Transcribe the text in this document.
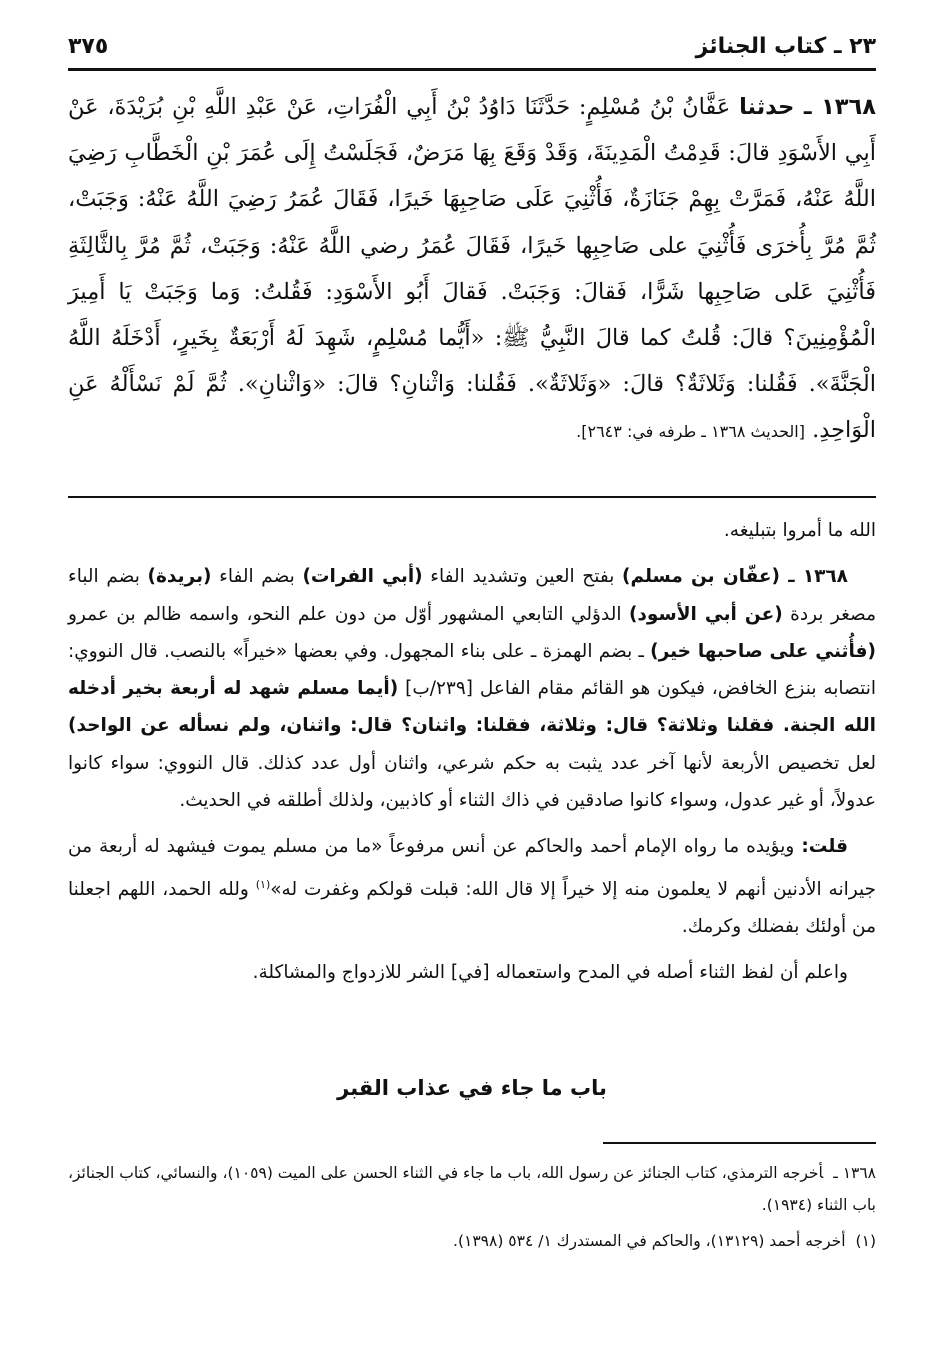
٢٣ ـ كتاب الجنائز
٣٧٥
١٣٦٨ ـ حدثنا عَفَّانُ بْنُ مُسْلِمٍ: حَدَّثَنَا دَاوُدُ بْنُ أَبِي الْفُرَاتِ، عَنْ عَبْدِ اللَّهِ بْنِ بُرَيْدَةَ، عَنْ أَبِي الأَسْوَدِ قالَ: قَدِمْتُ الْمَدِينَةَ، وَقَدْ وَقَعَ بِهَا مَرَضٌ، فَجَلَسْتُ إِلَى عُمَرَ بْنِ الْخَطَّابِ رَضِيَ اللَّهُ عَنْهُ، فَمَرَّتْ بِهِمْ جَنَازَةٌ، فَأُثْنِيَ عَلَى صَاحِبِهَا خَيرًا، فَقَالَ عُمَرُ رَضِيَ اللَّهُ عَنْهُ: وَجَبَتْ، ثُمَّ مُرَّ بِأُخرَى فَأُثْنِيَ على صَاحِبِها خَيرًا، فَقَالَ عُمَرُ رضي اللَّهُ عَنْهُ: وَجَبَتْ، ثُمَّ مُرَّ بِالثَّالِثَةِ فَأُثْنِيَ عَلى صَاحِبِها شَرًّا، فَقالَ: وَجَبَتْ. فَقالَ أَبُو الأَسْوَدِ: فَقُلتُ: وَما وَجَبَتْ يَا أَمِيرَ الْمُؤْمِنِينَ؟ قالَ: قُلتُ كما قالَ النَّبِيُّ ﷺ: «أَيُّما مُسْلِمٍ، شَهِدَ لَهُ أَرْبَعَةٌ بِخَيرٍ، أَدْخَلَهُ اللَّهُ الْجَنَّةَ». فَقُلنا: وَثَلاثَةٌ؟ قالَ: «وَثَلاثَةٌ». فَقُلنا: وَاثْنانِ؟ قالَ: «وَاثْنانِ». ثُمَّ لَمْ نَسْأَلْهُ عَنِ الْوَاحِدِ. [الحديث ١٣٦٨ ـ طرفه في: ٢٦٤٣].

الله ما أمروا بتبليغه.

١٣٦٨ ـ (عفّان بن مسلم) بفتح العين وتشديد الفاء (أبي الفرات) بضم الفاء (بريدة) بضم الباء مصغر بردة (عن أبي الأسود) الدؤلي التابعي المشهور أوّل من دون علم النحو، واسمه ظالم بن عمرو (فأُثني على صاحبها خير) ـ بضم الهمزة ـ على بناء المجهول. وفي بعضها «خيراً» بالنصب. قال النووي: انتصابه بنزع الخافض، فيكون هو القائم مقام الفاعل [٢٣٩/ب] (أيما مسلم شهد له أربعة بخير أدخله الله الجنة. فقلنا وثلاثة؟ قال: وثلاثة، فقلنا: واثنان؟ قال: واثنان، ولم نسأله عن الواحد) لعل تخصيص الأربعة لأنها آخر عدد يثبت به حكم شرعي، واثنان أول عدد كذلك. قال النووي: سواء كانوا عدولاً، أو غير عدول، وسواء كانوا صادقين في ذاك الثناء أو كاذبين، ولذلك أطلقه في الحديث.

قلت: ويؤيده ما رواه الإمام أحمد والحاكم عن أنس مرفوعاً «ما من مسلم يموت فيشهد له أربعة من جيرانه الأدنين أنهم لا يعلمون منه إلا خيراً إلا قال الله: قبلت قولكم وغفرت له»$^{(١)}$ ولله الحمد، اللهم اجعلنا من أولئك بفضلك وكرمك.

واعلم أن لفظ الثناء أصله في المدح واستعماله [في] الشر للازدواج والمشاكلة.

باب ما جاء في عذاب القبر

١٣٦٨ ـأخرجه الترمذي، كتاب الجنائز عن رسول الله، باب ما جاء في الثناء الحسن على الميت (١٠٥٩)، والنسائي، كتاب الجنائز، باب الثناء (١٩٣٤).

(١)أخرجه أحمد (١٣١٢٩)، والحاكم في المستدرك ١/ ٥٣٤ (١٣٩٨).
